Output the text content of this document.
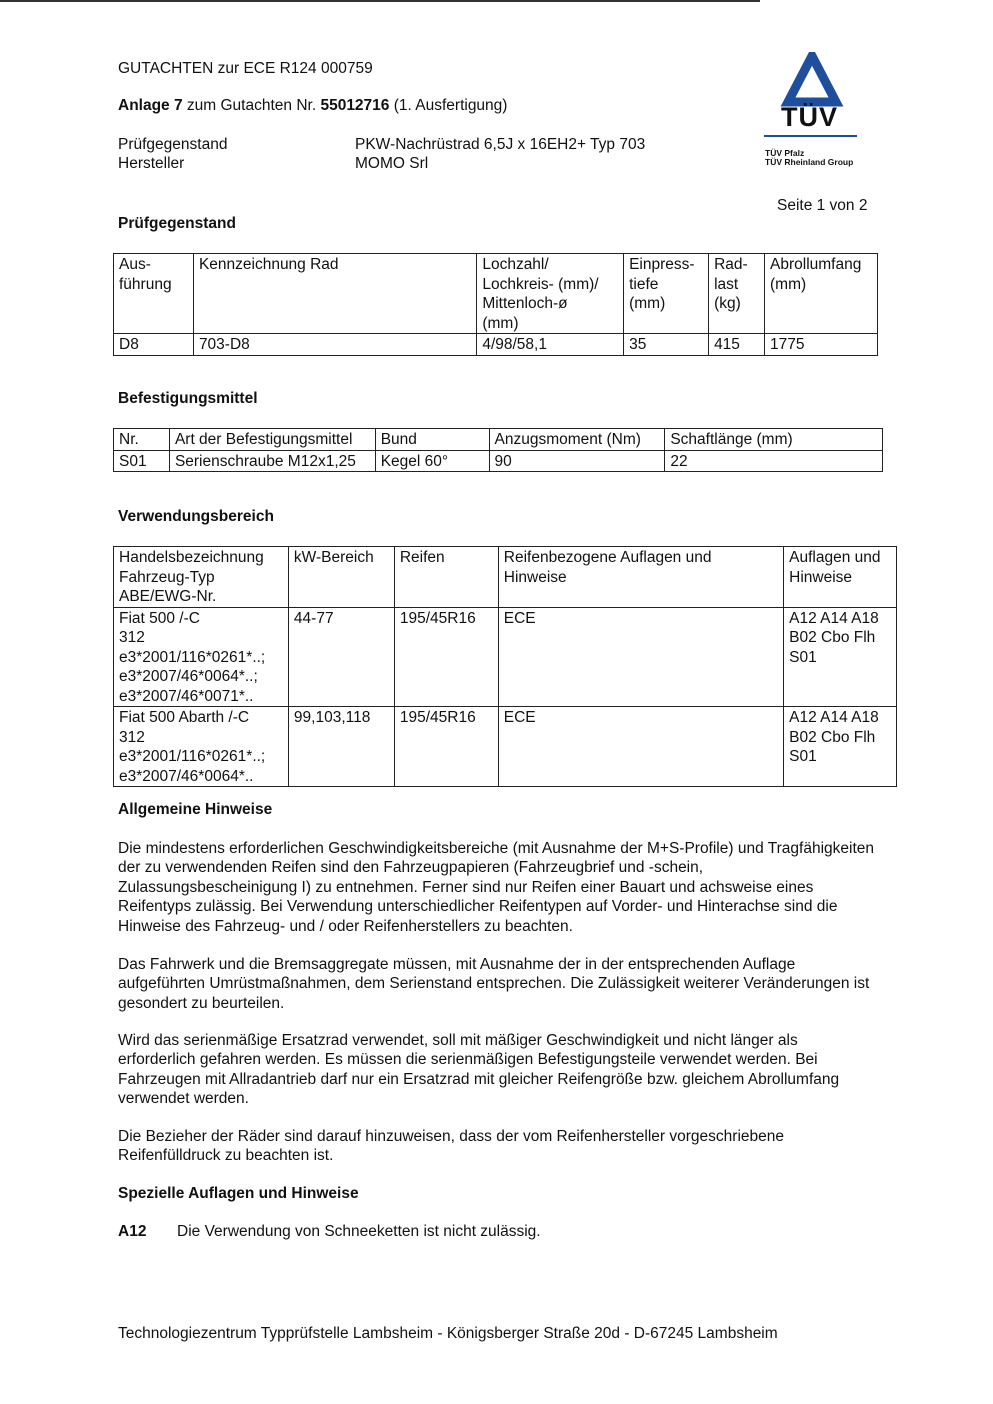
GUTACHTEN zur ECE R124 000759
Anlage 7 zum Gutachten Nr. 55012716 (1. Ausfertigung)
Prüfgegenstand	PKW-Nachrüstrad 6,5J x 16EH2+ Typ 703
Hersteller	MOMO Srl
TÜV
TÜV Pfalz
TÜV Rheinland Group
Seite 1 von 2
Prüfgegenstand
Aus-
führung	Kennzeichnung Rad	Lochzahl/
Lochkreis- (mm)/
Mittenloch-ø
(mm)	Einpress-
tiefe
(mm)	Rad-
last
(kg)	Abrollumfang
(mm)
D8	703-D8	4/98/58,1	35	415	1775
Befestigungsmittel
Nr.	Art der Befestigungsmittel	Bund	Anzugsmoment (Nm)	Schaftlänge (mm)
S01	Serienschraube M12x1,25	Kegel 60°	90	22
Verwendungsbereich
Handelsbezeichnung
Fahrzeug-Typ
ABE/EWG-Nr.	kW-Bereich	Reifen	Reifenbezogene Auflagen und
Hinweise	Auflagen und
Hinweise
Fiat 500 /-C
312
e3*2001/116*0261*..;
e3*2007/46*0064*..;
e3*2007/46*0071*..	44-77	195/45R16	ECE	A12 A14 A18
B02 Cbo Flh
S01
Fiat 500 Abarth /-C
312
e3*2001/116*0261*..;
e3*2007/46*0064*..	99,103,118	195/45R16	ECE	A12 A14 A18
B02 Cbo Flh
S01
Allgemeine Hinweise
Die mindestens erforderlichen Geschwindigkeitsbereiche (mit Ausnahme der M+S-Profile) und Tragfähigkeiten der zu verwendenden Reifen sind den Fahrzeugpapieren (Fahrzeugbrief und -schein, Zulassungsbescheinigung I) zu entnehmen. Ferner sind nur Reifen einer Bauart und achsweise eines Reifentyps zulässig. Bei Verwendung unterschiedlicher Reifentypen auf Vorder- und Hinterachse sind die Hinweise des Fahrzeug- und / oder Reifenherstellers zu beachten.
Das Fahrwerk und die Bremsaggregate müssen, mit Ausnahme der in der entsprechenden Auflage aufgeführten Umrüstmaßnahmen, dem Serienstand entsprechen. Die Zulässigkeit weiterer Veränderungen ist gesondert zu beurteilen.
Wird das serienmäßige Ersatzrad verwendet, soll mit mäßiger Geschwindigkeit und nicht länger als erforderlich gefahren werden. Es müssen die serienmäßigen Befestigungsteile verwendet werden. Bei Fahrzeugen mit Allradantrieb darf nur ein Ersatzrad mit gleicher Reifengröße bzw. gleichem Abrollumfang verwendet werden.
Die Bezieher der Räder sind darauf hinzuweisen, dass der vom Reifenhersteller vorgeschriebene Reifenfülldruck zu beachten ist.
Spezielle Auflagen und Hinweise
A12 Die Verwendung von Schneeketten ist nicht zulässig.
Technologiezentrum Typprüfstelle Lambsheim - Königsberger Straße 20d - D-67245 Lambsheim
